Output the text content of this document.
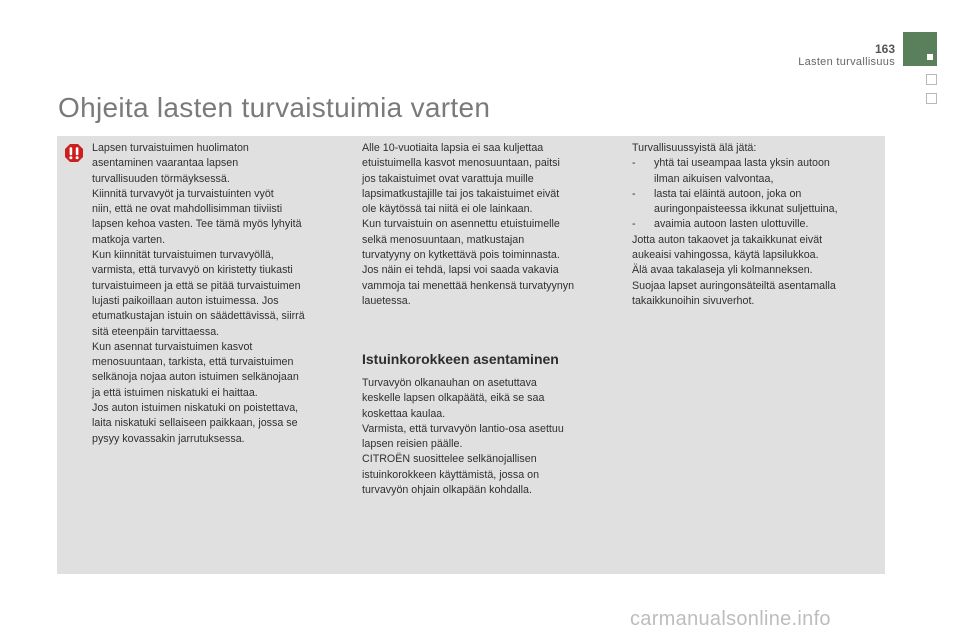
163
Lasten turvallisuus
Ohjeita lasten turvaistuimia varten

Lapsen turvaistuimen huolimaton

asentaminen vaarantaa lapsen

turvallisuuden törmäyksessä.

Kiinnitä turvavyöt ja turvaistuinten vyöt

niin, että ne ovat mahdollisimman tiiviisti

lapsen kehoa vasten. Tee tämä myös lyhyitä

matkoja varten.

Kun kiinnität turvaistuimen turvavyöllä,

varmista, että turvavyö on kiristetty tiukasti

turvaistuimeen ja että se pitää turvaistuimen

lujasti paikoillaan auton istuimessa. Jos

etumatkustajan istuin on säädettävissä, siirrä

sitä eteenpäin tarvittaessa.

Kun asennat turvaistuimen kasvot

menosuuntaan, tarkista, että turvaistuimen

selkänoja nojaa auton istuimen selkänojaan

ja että istuimen niskatuki ei haittaa.

Jos auton istuimen niskatuki on poistettava,

laita niskatuki sellaiseen paikkaan, jossa se

pysyy kovassakin jarrutuksessa.

Alle 10-vuotiaita lapsia ei saa kuljettaa

etuistuimella kasvot menosuuntaan, paitsi

jos takaistuimet ovat varattuja muille

lapsimatkustajille tai jos takaistuimet eivät

ole käytössä tai niitä ei ole lainkaan.

Kun turvaistuin on asennettu etuistuimelle

selkä menosuuntaan, matkustajan

turvatyyny on kytkettävä pois toiminnasta.

Jos näin ei tehdä, lapsi voi saada vakavia

vammoja tai menettää henkensä turvatyynyn

lauetessa.

Istuinkorokkeen asentaminen

Turvavyön olkanauhan on asetuttava

keskelle lapsen olkapäätä, eikä se saa

koskettaa kaulaa.

Varmista, että turvavyön lantio-osa asettuu

lapsen reisien päälle.

CITROËN suosittelee selkänojallisen

istuinkorokkeen käyttämistä, jossa on

turvavyön ohjain olkapään kohdalla.

Turvallisuussyistä älä jätä:

- yhtä tai useampaa lasta yksin autoon

ilman aikuisen valvontaa,

- lasta tai eläintä autoon, joka on

auringonpaisteessa ikkunat suljettuina,

- avaimia autoon lasten ulottuville.

Jotta auton takaovet ja takaikkunat eivät

aukeaisi vahingossa, käytä lapsilukkoa.

Älä avaa takalaseja yli kolmanneksen.

Suojaa lapset auringonsäteiltä asentamalla

takaikkunoihin sivuverhot.

carmanualsonline.info
